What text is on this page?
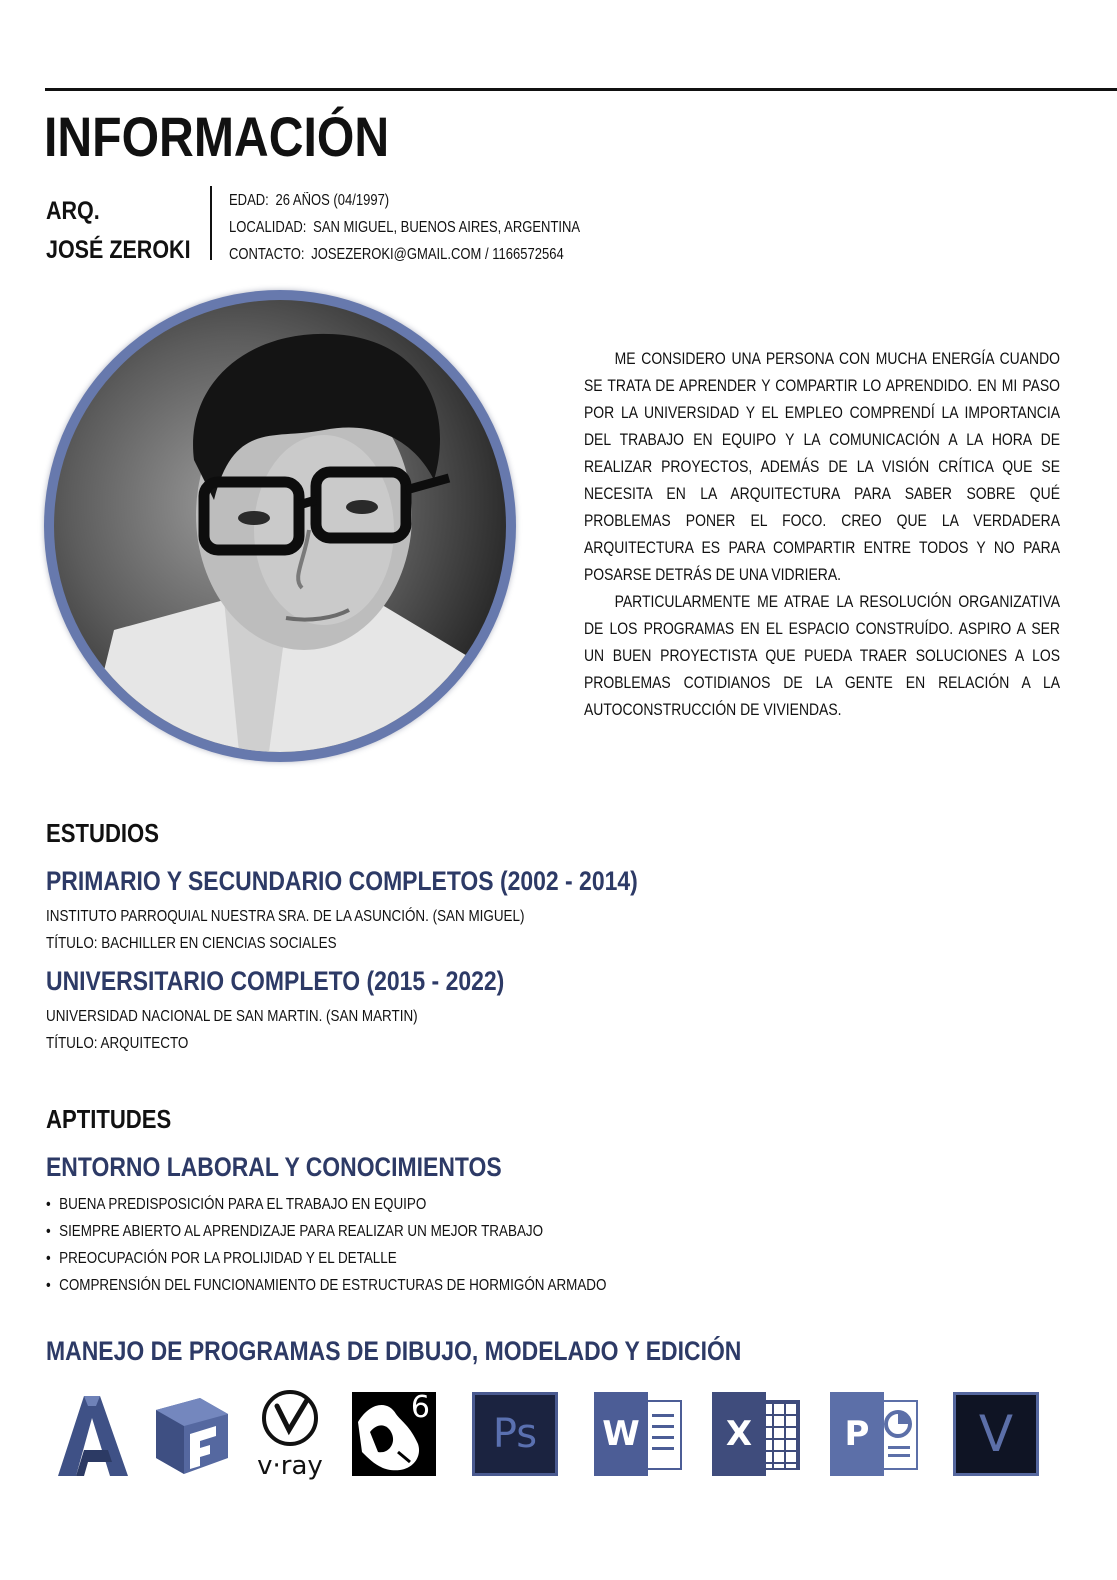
INFORMACIÓN
ARQ.
JOSÉ ZEROKI
EDAD: 26 AÑOS (04/1997)
LOCALIDAD: SAN MIGUEL, BUENOS AIRES, ARGENTINA
CONTACTO: JOSEZEROKI@GMAIL.COM / 1166572564

ME CONSIDERO UNA PERSONA CON MUCHA ENERGÍA CUANDO SE TRATA DE APRENDER Y COMPARTIR LO APRENDIDO. EN MI PASO POR LA UNIVERSIDAD Y EL EMPLEO COMPRENDÍ LA IMPORTANCIA DEL TRABAJO EN EQUIPO Y LA COMUNICACIÓN A LA HORA DE REALIZAR PROYECTOS, ADEMÁS DE LA VISIÓN CRÍTICA QUE SE NECESITA EN LA ARQUITECTURA PARA SABER SOBRE QUÉ PROBLEMAS PONER EL FOCO. CREO QUE LA VERDADERA ARQUITECTURA ES PARA COMPARTIR ENTRE TODOS Y NO PARA POSARSE DETRÁS DE UNA VIDRIERA.

PARTICULARMENTE ME ATRAE LA RESOLUCIÓN ORGANIZATIVA DE LOS PROGRAMAS EN EL ESPACIO CONSTRUÍDO. ASPIRO A SER UN BUEN PROYECTISTA QUE PUEDA TRAER SOLUCIONES A LOS PROBLEMAS COTIDIANOS DE LA GENTE EN RELACIÓN A LA AUTOCONSTRUCCIÓN DE VIVIENDAS.

ESTUDIOS
PRIMARIO Y SECUNDARIO COMPLETOS (2002 - 2014)
INSTITUTO PARROQUIAL NUESTRA SRA. DE LA ASUNCIÓN. (SAN MIGUEL)
TÍTULO: BACHILLER EN CIENCIAS SOCIALES
UNIVERSITARIO COMPLETO (2015 - 2022)
UNIVERSIDAD NACIONAL DE SAN MARTIN. (SAN MARTIN)
TÍTULO: ARQUITECTO
APTITUDES
ENTORNO LABORAL Y CONOCIMIENTOS
• BUENA PREDISPOSICIÓN PARA EL TRABAJO EN EQUIPO
• SIEMPRE ABIERTO AL APRENDIZAJE PARA REALIZAR UN MEJOR TRABAJO
• PREOCUPACIÓN POR LA PROLIJIDAD Y EL DETALLE
• COMPRENSIÓN DEL FUNCIONAMIENTO DE ESTRUCTURAS DE HORMIGÓN ARMADO
MANEJO DE PROGRAMAS DE DIBUJO, MODELADO Y EDICIÓN
v·ray
6
Ps W	X	P V
